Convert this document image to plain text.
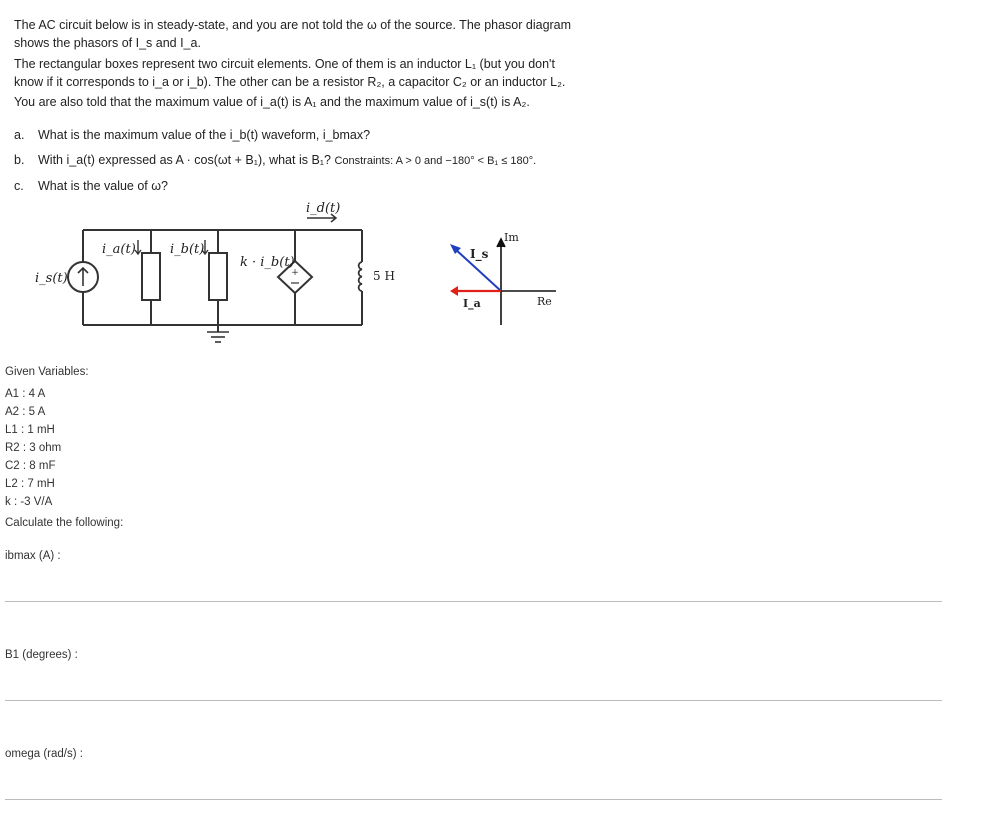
The AC circuit below is in steady-state, and you are not told the ω of the source. The phasor diagram
shows the phasors of I_s and I_a.
The rectangular boxes represent two circuit elements. One of them is an inductor L₁ (but you don't
know if it corresponds to i_a or i_b). The other can be a resistor R₂, a capacitor C₂ or an inductor L₂.
You are also told that the maximum value of i_a(t) is A₁ and the maximum value of i_s(t) is A₂.
a. What is the maximum value of the i_b(t) waveform, i_bmax?
b. With i_a(t) expressed as A · cos(ωt + B₁), what is B₁? Constraints: A > 0 and −180° < B₁ ≤ 180°.
c. What is the value of ω?
+
i_s(t)
i_a(t)	i_b(t)
i_d(t)
k · i_b(t)
5 H
Im
Re
I_s
I_a
Given Variables:
A1 : 4 A
A2 : 5 A
L1 : 1 mH
R2 : 3 ohm
C2 : 8 mF
L2 : 7 mH
k : -3 V/A
Calculate the following:
ibmax (A) :
B1 (degrees) :
omega (rad/s) :
